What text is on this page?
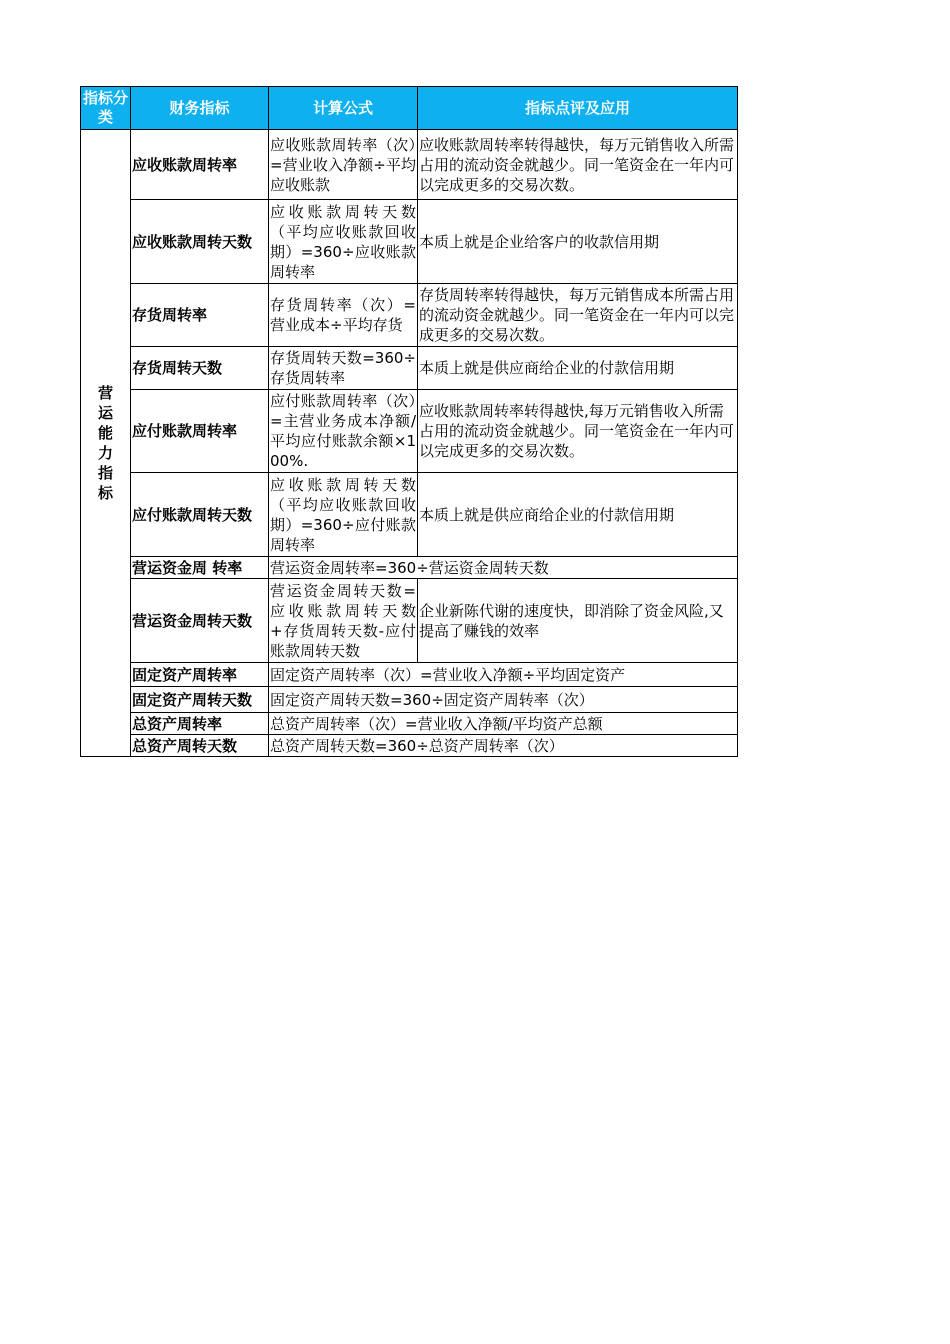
指标分类	财务指标	计算公式	指标点评及应用
营运能力指标	应收账款周转率	应收账款周转率（次）=营业收入净额÷平均应收账款	应收账款周转率转得越快，每万元销售收入所需占用的流动资金就越少。同一笔资金在一年内可以完成更多的交易次数。
	应收账款周转天数	应收账款周转天数（平均应收账款回收期）=360÷应收账款周转率	本质上就是企业给客户的收款信用期
	存货周转率	存货周转率（次）=营业成本÷平均存货	存货周转率转得越快，每万元销售成本所需占用的流动资金就越少。同一笔资金在一年内可以完成更多的交易次数。
	存货周转天数	存货周转天数=360÷存货周转率	本质上就是供应商给企业的付款信用期
	应付账款周转率	应付账款周转率（次）=主营业务成本净额/平均应付账款余额×100%.	应收账款周转率转得越快,每万元销售收入所需占用的流动资金就越少。同一笔资金在一年内可以完成更多的交易次数。
	应付账款周转天数	应收账款周转天数（平均应收账款回收期）=360÷应付账款周转率	本质上就是供应商给企业的付款信用期
	营运资金周 转率	营运资金周转率=360÷营运资金周转天数	
	营运资金周转天数	营运资金周转天数=应收账款周转天数+存货周转天数-应付账款周转天数	企业新陈代谢的速度快，即消除了资金风险,又提高了赚钱的效率
	固定资产周转率	固定资产周转率（次）=营业收入净额÷平均固定资产	
	固定资产周转天数	固定资产周转天数=360÷固定资产周转率（次）	
	总资产周转率	总资产周转率（次）=营业收入净额/平均资产总额	
	总资产周转天数	总资产周转天数=360÷总资产周转率（次）	
